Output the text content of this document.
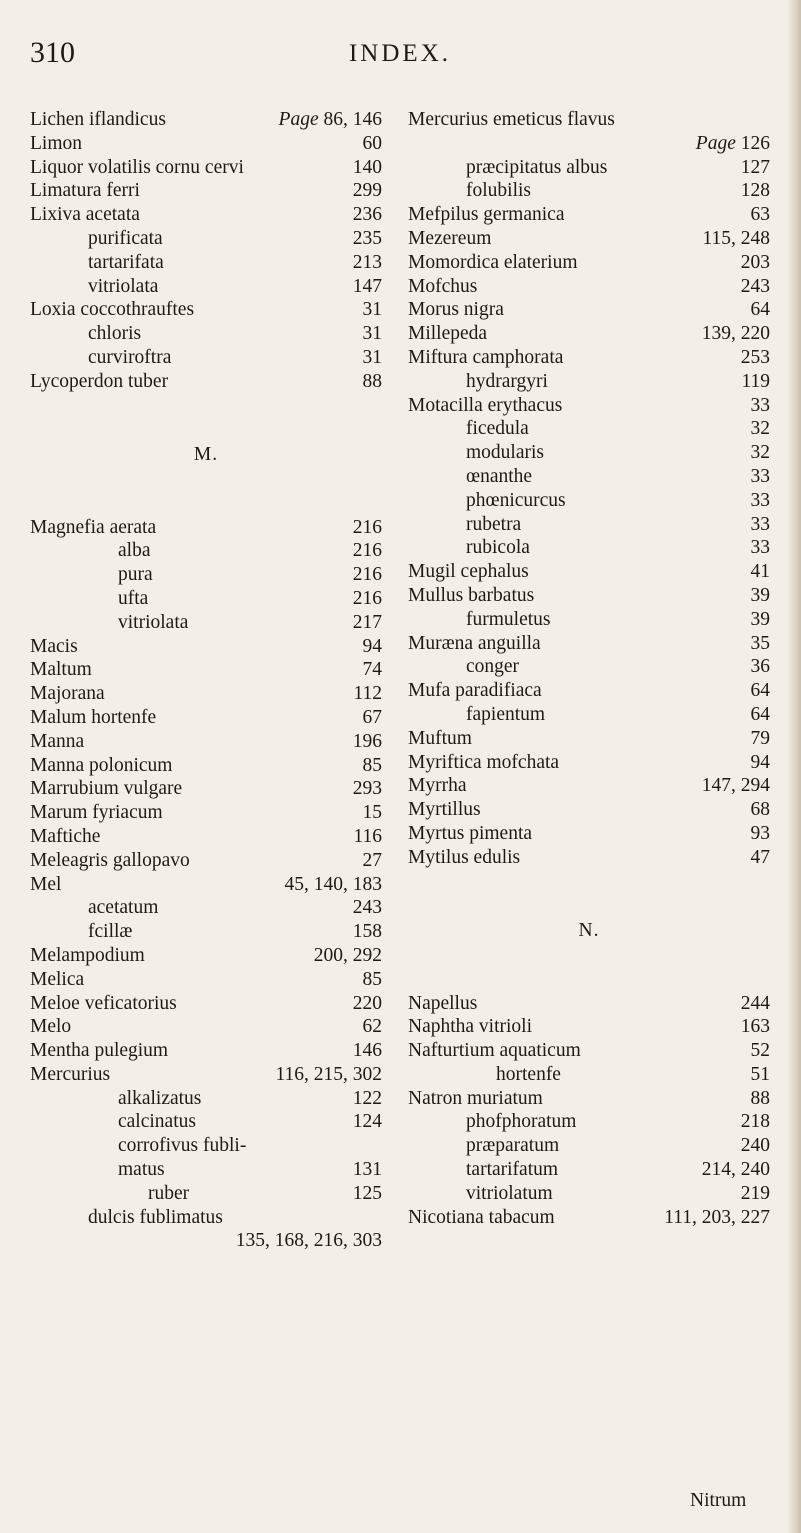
310	INDEX.
Lichen iflandicus	Page 86, 146
Limon	60
Liquor volatilis cornu cervi	140
Limatura ferri	299
Lixiva acetata	236
purificata	235
tartarifata	213
vitriolata	147
Loxia coccothrauftes	31
chloris	31
curviroftra	31
Lycoperdon tuber	88
M.
Magnefia aerata	216
alba	216
pura	216
ufta	216
vitriolata	217
Macis	94
Maltum	74
Majorana	112
Malum hortenfe	67
Manna	196
Manna polonicum	85
Marrubium vulgare	293
Marum fyriacum	15
Maftiche	116
Meleagris gallopavo	27
Mel	45, 140, 183
acetatum	243
fcillæ	158
Melampodium	200, 292
Melica	85
Meloe veficatorius	220
Melo	62
Mentha pulegium	146
Mercurius	116, 215, 302
alkalizatus	122
calcinatus	124
corrofivus fubli-
matus	131
ruber	125
dulcis fublimatus
135, 168, 216, 303
Mercurius emeticus flavus
Page 126
præcipitatus albus	127
folubilis	128
Mefpilus germanica	63
Mezereum	115, 248
Momordica elaterium	203
Mofchus	243
Morus nigra	64
Millepeda	139, 220
Miftura camphorata	253
hydrargyri	119
Motacilla erythacus	33
ficedula	32
modularis	32
œnanthe	33
phœnicurcus	33
rubetra	33
rubicola	33
Mugil cephalus	41
Mullus barbatus	39
furmuletus	39
Muræna anguilla	35
conger	36
Mufa paradifiaca	64
fapientum	64
Muftum	79
Myriftica mofchata	94
Myrrha	147, 294
Myrtillus	68
Myrtus pimenta	93
Mytilus edulis	47
N.
Napellus	244
Naphtha vitrioli	163
Nafturtium aquaticum	52
hortenfe	51
Natron muriatum	88
phofphoratum	218
præparatum	240
tartarifatum	214, 240
vitriolatum	219
Nicotiana tabacum	111, 203, 227
Nitrum
